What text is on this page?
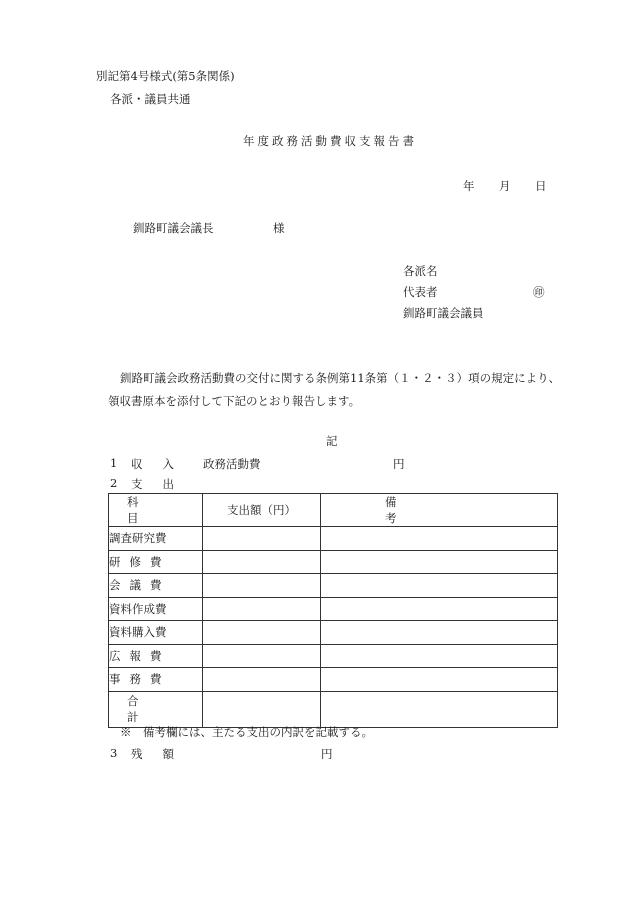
別記第4号様式(第5条関係)
各派・議員共通
年度政務活動費収支報告書
年 月 日
釧路町議会議長	様
各派名
代表者	㊞
釧路町議会議員
釧路町議会政務活動費の交付に関する条例第11条第（１・２・３）項の規定により、
領収書原本を添付して下記のとおり報告します。
記
1 収入 政務活動費	円
2 支出
科目	支出額（円）	備考

調査研究費		
研修費		
会議費		
資料作成費		
資料購入費		
広報費		
事務費		

合計		

※　備考欄には、主たる支出の内訳を記載する。
3 残額	円
